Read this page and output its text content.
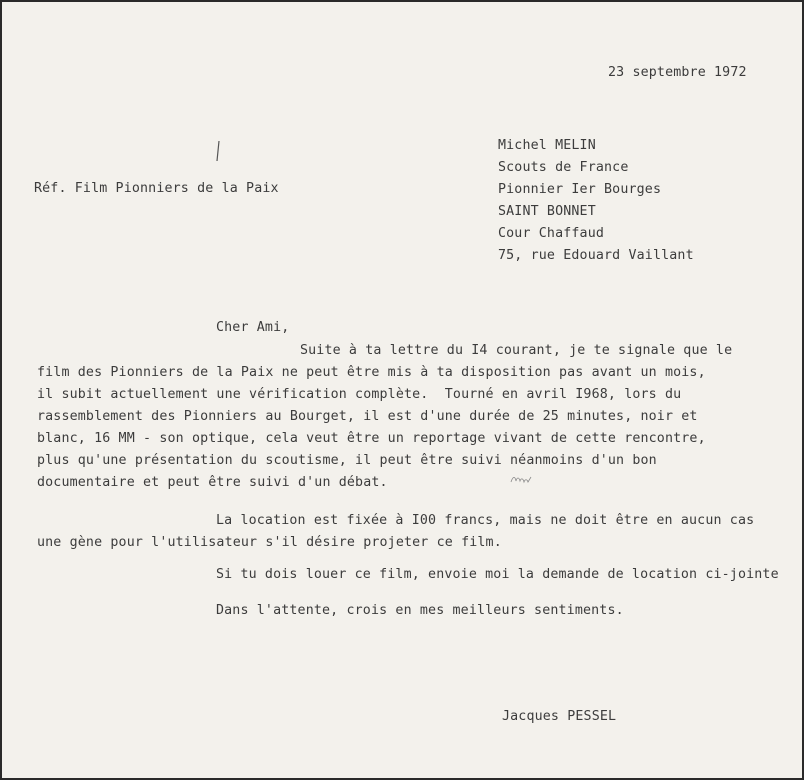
23 septembre 1972
Réf. Film Pionniers de la Paix
Michel MELIN
Scouts de France
Pionnier Ier Bourges
SAINT BONNET
Cour Chaffaud
75, rue Edouard Vaillant
Cher Ami,
Suite à ta lettre du I4 courant, je te signale que le
film des Pionniers de la Paix ne peut être mis à ta disposition pas avant un mois,
il subit actuellement une vérification complète.  Tourné en avril I968, lors du
rassemblement des Pionniers au Bourget, il est d'une durée de 25 minutes, noir et
blanc, 16 MM - son optique, cela veut être un reportage vivant de cette rencontre,
plus qu'une présentation du scoutisme, il peut être suivi néanmoins d'un bon
documentaire et peut être suivi d'un débat.
La location est fixée à I00 francs, mais ne doit être en aucun cas
une gène pour l'utilisateur s'il désire projeter ce film.
Si tu dois louer ce film, envoie moi la demande de location ci-jointe
Dans l'attente, crois en mes meilleurs sentiments.
Jacques PESSEL
